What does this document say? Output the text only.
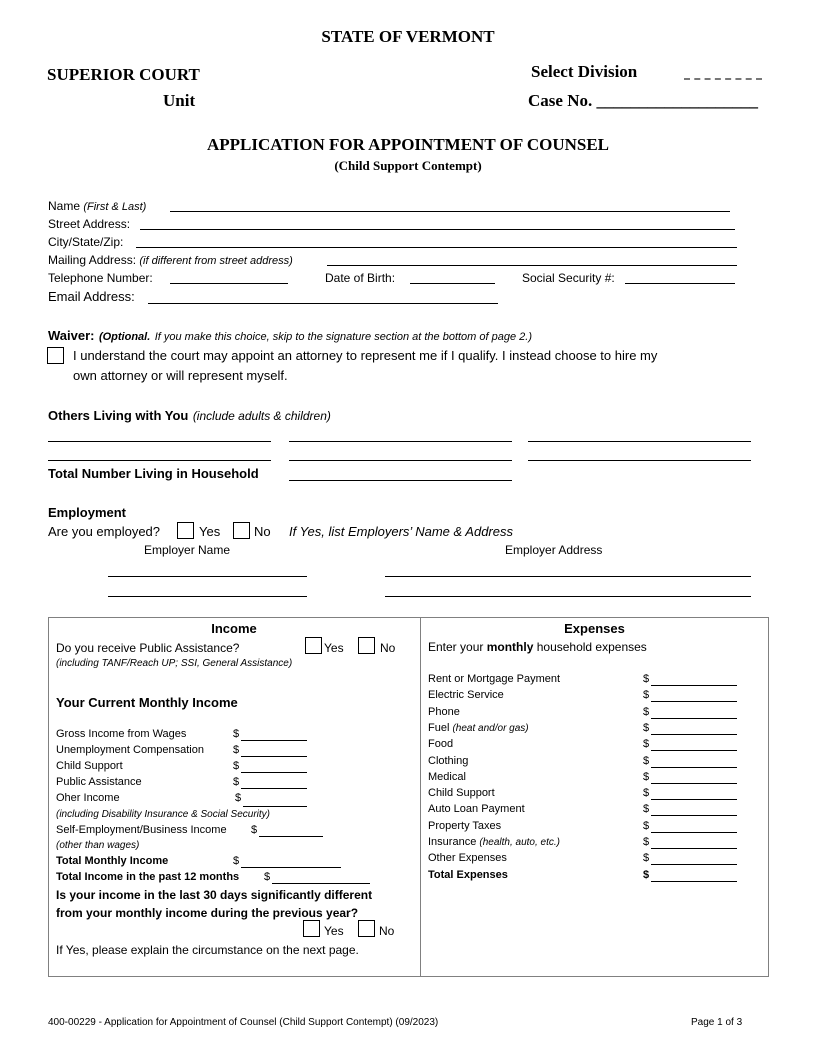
STATE OF VERMONT
SUPERIOR COURT
Unit
Select Division
Case No. ___________________
APPLICATION FOR APPOINTMENT OF COUNSEL
(Child Support Contempt)
Name (First & Last)
Street Address:
City/State/Zip:
Mailing Address: (if different from street address)
Telephone Number:	Date of Birth:	Social Security #:
Email Address:
Waiver: (Optional. If you make this choice, skip to the signature section at the bottom of page 2.)
I understand the court may appoint an attorney to represent me if I qualify. I instead choose to hire my
own attorney or will represent myself.
Others Living with You (include adults & children)
Total Number Living in Household
Employment
Are you employed?	Yes	No If Yes, list Employers’ Name & Address
Employer Name	Employer Address
Income
Do you receive Public Assistance?	Yes	No
(including TANF/Reach UP; SSI, General Assistance)
Your Current Monthly Income
Gross Income from Wages	$
Unemployment Compensation	$
Child Support	$
Public Assistance	$
Oher Income	$
(including Disability Insurance & Social Security)
Self-Employment/Business Income $
(other than wages)
Total Monthly Income	$
Total Income in the past 12 months $
Is your income in the last 30 days significantly different
from your monthly income during the previous year?
Yes	No
If Yes, please explain the circumstance on the next page.
Expenses
Enter your monthly household expenses
Rent or Mortgage Payment	$
Electric Service	$
Phone	$
Fuel (heat and/or gas)	$
Food	$
Clothing	$
Medical	$
Child Support	$
Auto Loan Payment	$
Property Taxes	$
Insurance (health, auto, etc.)	$
Other Expenses	$
Total Expenses	$
400-00229 - Application for Appointment of Counsel (Child Support Contempt) (09/2023)	Page 1 of 3
